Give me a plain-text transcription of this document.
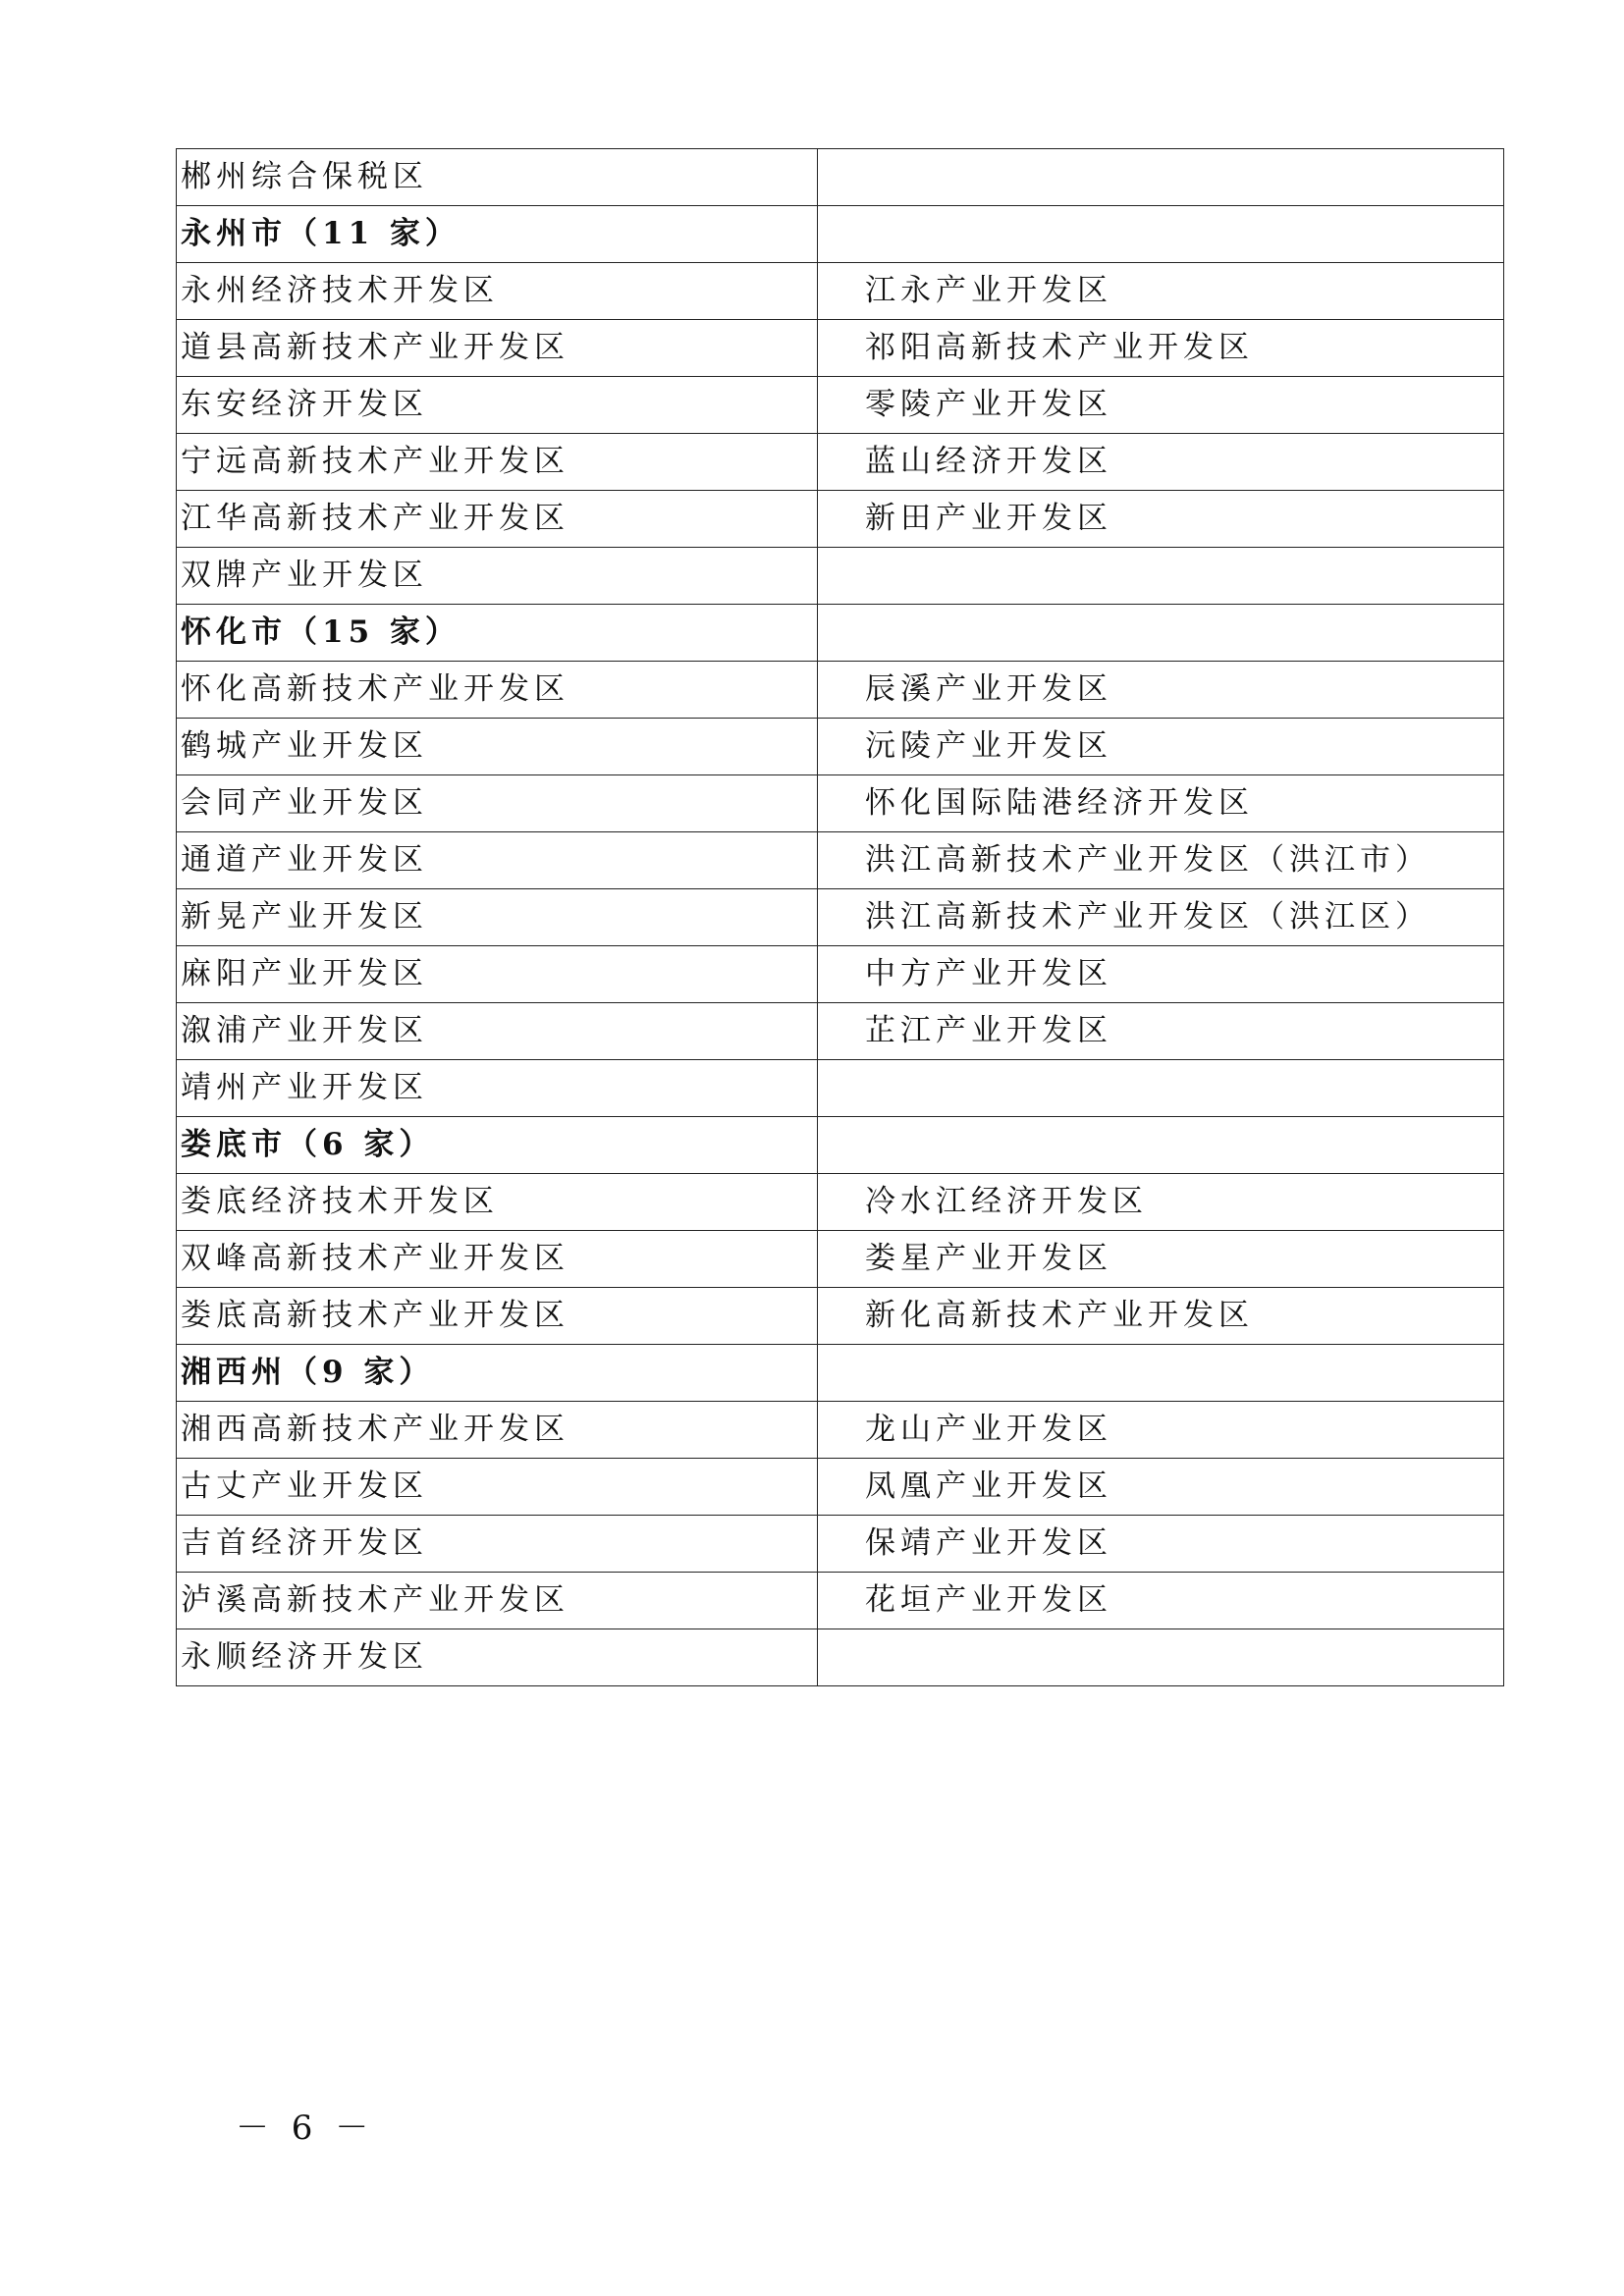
郴州综合保税区	
永州市（11 家）	
永州经济技术开发区	江永产业开发区
道县高新技术产业开发区	祁阳高新技术产业开发区
东安经济开发区	零陵产业开发区
宁远高新技术产业开发区	蓝山经济开发区
江华高新技术产业开发区	新田产业开发区
双牌产业开发区	
怀化市（15 家）	
怀化高新技术产业开发区	辰溪产业开发区
鹤城产业开发区	沅陵产业开发区
会同产业开发区	怀化国际陆港经济开发区
通道产业开发区	洪江高新技术产业开发区（洪江市）
新晃产业开发区	洪江高新技术产业开发区（洪江区）
麻阳产业开发区	中方产业开发区
溆浦产业开发区	芷江产业开发区
靖州产业开发区	
娄底市（6 家）	
娄底经济技术开发区	冷水江经济开发区
双峰高新技术产业开发区	娄星产业开发区
娄底高新技术产业开发区	新化高新技术产业开发区
湘西州（9 家）	
湘西高新技术产业开发区	龙山产业开发区
古丈产业开发区	凤凰产业开发区
吉首经济开发区	保靖产业开发区
泸溪高新技术产业开发区	花垣产业开发区
永顺经济开发区	
－ 6 －
